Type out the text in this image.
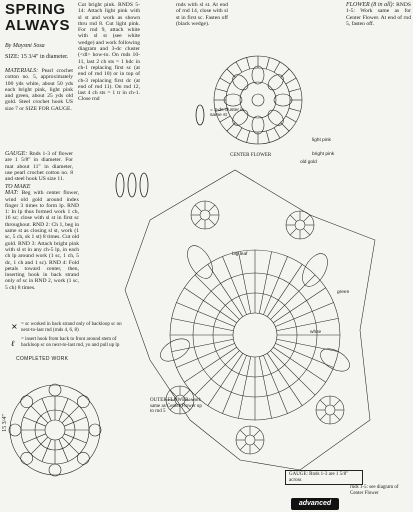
SPRING
ALWAYS
By Maysmi Sosa
SIZE: 15 3/4" in diameter.
MATERIALS: Pearl crochet cotton no. 5, approximately 100 yds white, about 50 yds each bright pink, light pink and green, about 25 yds old gold. Steel crochet hook US size 7 or SIZE FOR GAUGE.
GAUGE: Rnds 1-3 of flower are 1 5/8" in diameter. For mat about 11" in diameter, use pearl crochet cotton no. 8 and steel hook US size 11.
TO MAKE
MAT: Beg with center flower, wind old gold around index finger 3 times to form lp. RND 1: In lp thus formed work 1 ch, 16 sc; close with sl st in first sc throughout. RND 2: Ch 1, beg in same st as closing sl st, work (1 sc, 5 ch, sk 1 st) 8 times. Cut old gold. RND 3: Attach bright pink with sl st in any ch-5 lp, in each ch lp around work (1 sc, 1 ch, 5 dc, 1 ch and 1 sc). RND 4: Fold petals toward center, then, inserting hook in back strand only of sc in RND 2, work (1 sc, 5 ch) 8 times.
Cut bright pink. RNDS 5-14: Attach light pink with sl st and work as shown thru rnd 8. Cut light pink. For rnd 9, attach white with sl st (see white wedge) and work following diagram and 3-dc cluster (<dl> how-to. On rnds 10-11, last 2 ch sts = 1 hdc in ch-1 replacing first sc (at end of rnd 10) or in top of ch-3 replacing first dc (at end of rnd 11). On rnd 12, last 4 ch sts = 1 tr in ch-1. Close rnd
rnds with sl st. At end of rnd 14, close with sl st in first sc. Fasten off (black wedge).
FLOWER (8 in all): RNDS 1-5: Work same as for Center Flower. At end of rnd 5, fasten off.
×
ℓ
= 3-dc cluster in same st
CENTER FLOWER
light pink
bright pink
old gold
big leaf
green
white
= sc worked in back strand only of backloop sc on next-to-last rnd (rnds 4, 6, 8)
= insert hook from back to front around stem of backloop sc on next-to-last rnd, yo and pull up lp
COMPLETED WORK
15 3/4"
OUTER FLOWER: work same as Center Flower up to rnd 5
GAUGE: Rnds 1-3 are 1 5/8" across
rnds 1-5: see diagram of Center Flower
advanced
